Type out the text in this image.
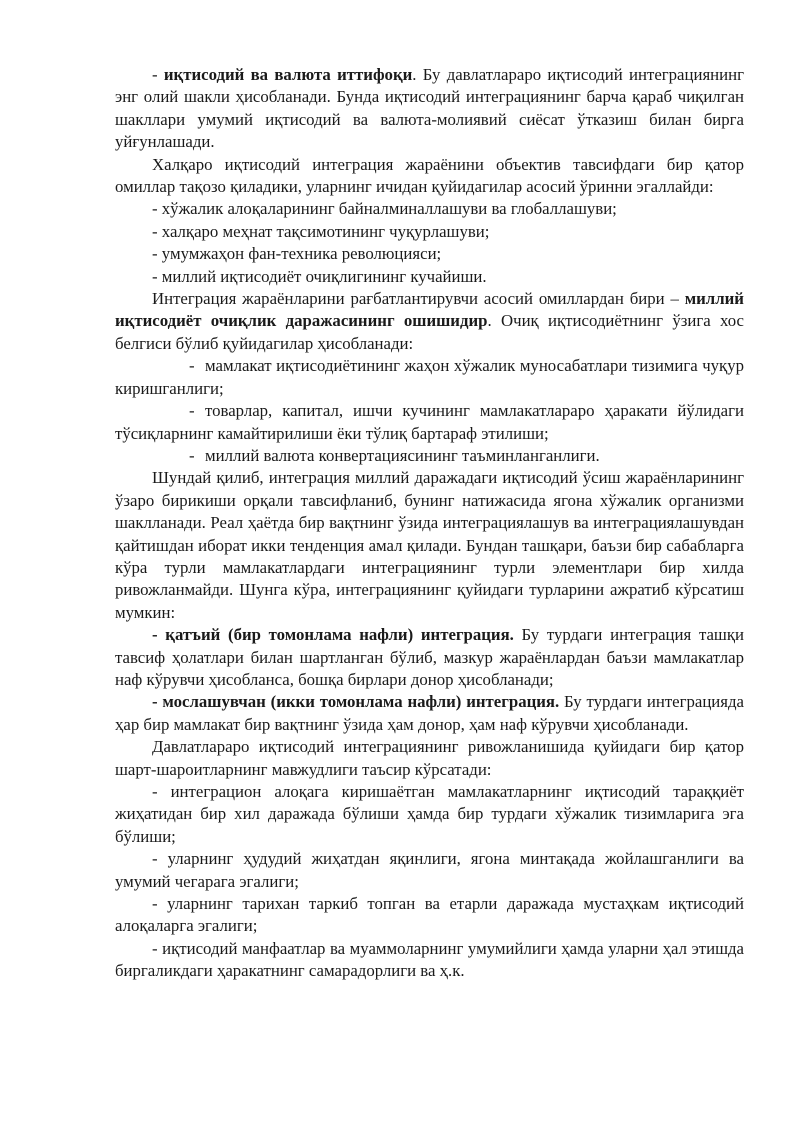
- иқтисодий ва валюта иттифоқи. Бу давлатлараро иқтисодий интеграциянинг энг олий шакли ҳисобланади. Бунда иқтисодий интеграциянинг барча қараб чиқилган шакллари умумий иқтисодий ва валюта-молиявий сиёсат ўтказиш билан бирга уйғунлашади.

Халқаро иқтисодий интеграция жараёнини объектив тавсифдаги бир қатор омиллар тақозо қиладики, уларнинг ичидан қуйидагилар асосий ўринни эгаллайди:

- хўжалик алоқаларининг байналминаллашуви ва глобаллашуви;

- халқаро меҳнат тақсимотининг чуқурлашуви;

- умумжаҳон фан-техника революцияси;

- миллий иқтисодиёт очиқлигининг кучайиши.

Интеграция жараёнларини рағбатлантирувчи асосий омиллардан бири – миллий иқтисодиёт очиқлик даражасининг ошишидир. Очиқ иқтисодиётнинг ўзига хос белгиси бўлиб қуйидагилар ҳисобланади:

- мамлакат иқтисодиётининг жаҳон хўжалик муносабатлари тизимига чуқур киришганлиги;

- товарлар, капитал, ишчи кучининг мамлакатлараро ҳаракати йўлидаги тўсиқларнинг камайтирилиши ёки тўлиқ бартараф этилиши;

- миллий валюта конвертациясининг таъминланганлиги.

Шундай қилиб, интеграция миллий даражадаги иқтисодий ўсиш жараёнларининг ўзаро бирикиши орқали тавсифланиб, бунинг натижасида ягона хўжалик организми шаклланади. Реал ҳаётда бир вақтнинг ўзида интеграциялашув ва интеграциялашувдан қайтишдан иборат икки тенденция амал қилади. Бундан ташқари, баъзи бир сабабларга кўра турли мамлакатлардаги интеграциянинг турли элементлари бир хилда ривожланмайди. Шунга кўра, интеграциянинг қуйидаги турларини ажратиб кўрсатиш мумкин:

- қатъий (бир томонлама нафли) интеграция. Бу турдаги интеграция ташқи тавсиф ҳолатлари билан шартланган бўлиб, мазкур жараёнлардан баъзи мамлакатлар наф кўрувчи ҳисобланса, бошқа бирлари донор ҳисобланади;

- мослашувчан (икки томонлама нафли) интеграция. Бу турдаги интеграцияда ҳар бир мамлакат бир вақтнинг ўзида ҳам донор, ҳам наф кўрувчи ҳисобланади.

Давлатлараро иқтисодий интеграциянинг ривожланишида қуйидаги бир қатор шарт-шароитларнинг мавжудлиги таъсир кўрсатади:

- интеграцион алоқага киришаётган мамлакатларнинг иқтисодий тараққиёт жиҳатидан бир хил даражада бўлиши ҳамда бир турдаги хўжалик тизимларига эга бўлиши;

- уларнинг ҳудудий жиҳатдан яқинлиги, ягона минтақада жойлашганлиги ва умумий чегарага эгалиги;

- уларнинг тарихан таркиб топган ва етарли даражада мустаҳкам иқтисодий алоқаларга эгалиги;

- иқтисодий манфаатлар ва муаммоларнинг умумийлиги ҳамда уларни ҳал этишда биргаликдаги ҳаракатнинг самарадорлиги ва ҳ.к.
